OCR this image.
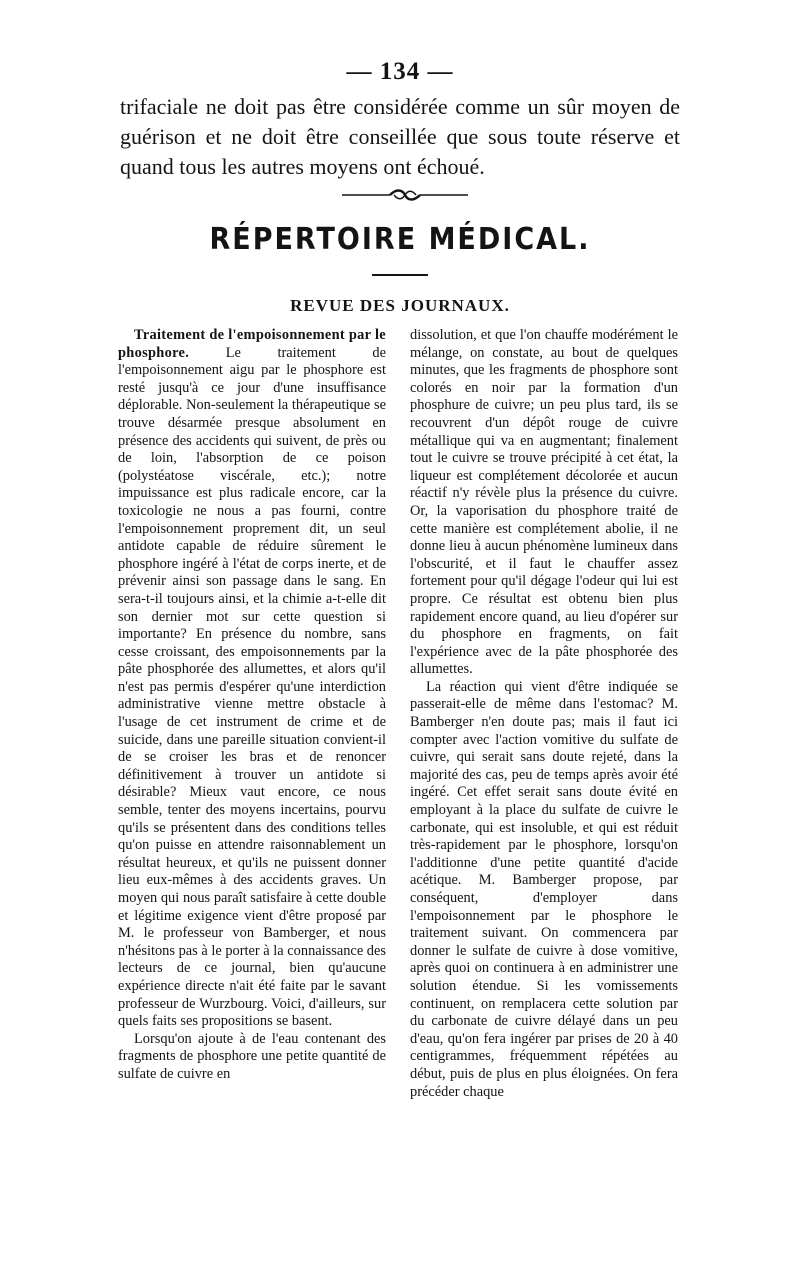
— 134 —

trifaciale ne doit pas être considérée comme un sûr moyen de guérison et ne doit être conseillée que sous toute réserve et quand tous les autres moyens ont échoué.

RÉPERTOIRE MÉDICAL.
REVUE DES JOURNAUX.

Traitement de l'empoisonnement par le phosphore. Le traitement de l'empoisonnement aigu par le phosphore est resté jusqu'à ce jour d'une insuffisance déplorable. Non-seulement la thérapeutique se trouve désarmée presque absolument en présence des accidents qui suivent, de près ou de loin, l'absorption de ce poison (polystéatose viscérale, etc.); notre impuissance est plus radicale encore, car la toxicologie ne nous a pas fourni, contre l'empoisonnement proprement dit, un seul antidote capable de réduire sûrement le phosphore ingéré à l'état de corps inerte, et de prévenir ainsi son passage dans le sang. En sera-t-il toujours ainsi, et la chimie a-t-elle dit son dernier mot sur cette question si importante? En présence du nombre, sans cesse croissant, des empoisonnements par la pâte phosphorée des allumettes, et alors qu'il n'est pas permis d'espérer qu'une interdiction administrative vienne mettre obstacle à l'usage de cet instrument de crime et de suicide, dans une pareille situation convient-il de se croiser les bras et de renoncer définitivement à trouver un antidote si désirable? Mieux vaut encore, ce nous semble, tenter des moyens incertains, pourvu qu'ils se présentent dans des conditions telles qu'on puisse en attendre raisonnablement un résultat heureux, et qu'ils ne puissent donner lieu eux-mêmes à des accidents graves. Un moyen qui nous paraît satisfaire à cette double et légitime exigence vient d'être proposé par M. le professeur von Bamberger, et nous n'hésitons pas à le porter à la connaissance des lecteurs de ce journal, bien qu'aucune expérience directe n'ait été faite par le savant professeur de Wurzbourg. Voici, d'ailleurs, sur quels faits ses propositions se basent.

Lorsqu'on ajoute à de l'eau contenant des fragments de phosphore une petite quantité de sulfate de cuivre en

dissolution, et que l'on chauffe modérément le mélange, on constate, au bout de quelques minutes, que les fragments de phosphore sont colorés en noir par la formation d'un phosphure de cuivre; un peu plus tard, ils se recouvrent d'un dépôt rouge de cuivre métallique qui va en augmentant; finalement tout le cuivre se trouve précipité à cet état, la liqueur est complétement décolorée et aucun réactif n'y révèle plus la présence du cuivre. Or, la vaporisation du phosphore traité de cette manière est complétement abolie, il ne donne lieu à aucun phénomène lumineux dans l'obscurité, et il faut le chauffer assez fortement pour qu'il dégage l'odeur qui lui est propre. Ce résultat est obtenu bien plus rapidement encore quand, au lieu d'opérer sur du phosphore en fragments, on fait l'expérience avec de la pâte phosphorée des allumettes.

La réaction qui vient d'être indiquée se passerait-elle de même dans l'estomac? M. Bamberger n'en doute pas; mais il faut ici compter avec l'action vomitive du sulfate de cuivre, qui serait sans doute rejeté, dans la majorité des cas, peu de temps après avoir été ingéré. Cet effet serait sans doute évité en employant à la place du sulfate de cuivre le carbonate, qui est insoluble, et qui est réduit très-rapidement par le phosphore, lorsqu'on l'additionne d'une petite quantité d'acide acétique. M. Bamberger propose, par conséquent, d'employer dans l'empoisonnement par le phosphore le traitement suivant. On commencera par donner le sulfate de cuivre à dose vomitive, après quoi on continuera à en administrer une solution étendue. Si les vomissements continuent, on remplacera cette solution par du carbonate de cuivre délayé dans un peu d'eau, qu'on fera ingérer par prises de 20 à 40 centigrammes, fréquemment répétées au début, puis de plus en plus éloignées. On fera précéder chaque
